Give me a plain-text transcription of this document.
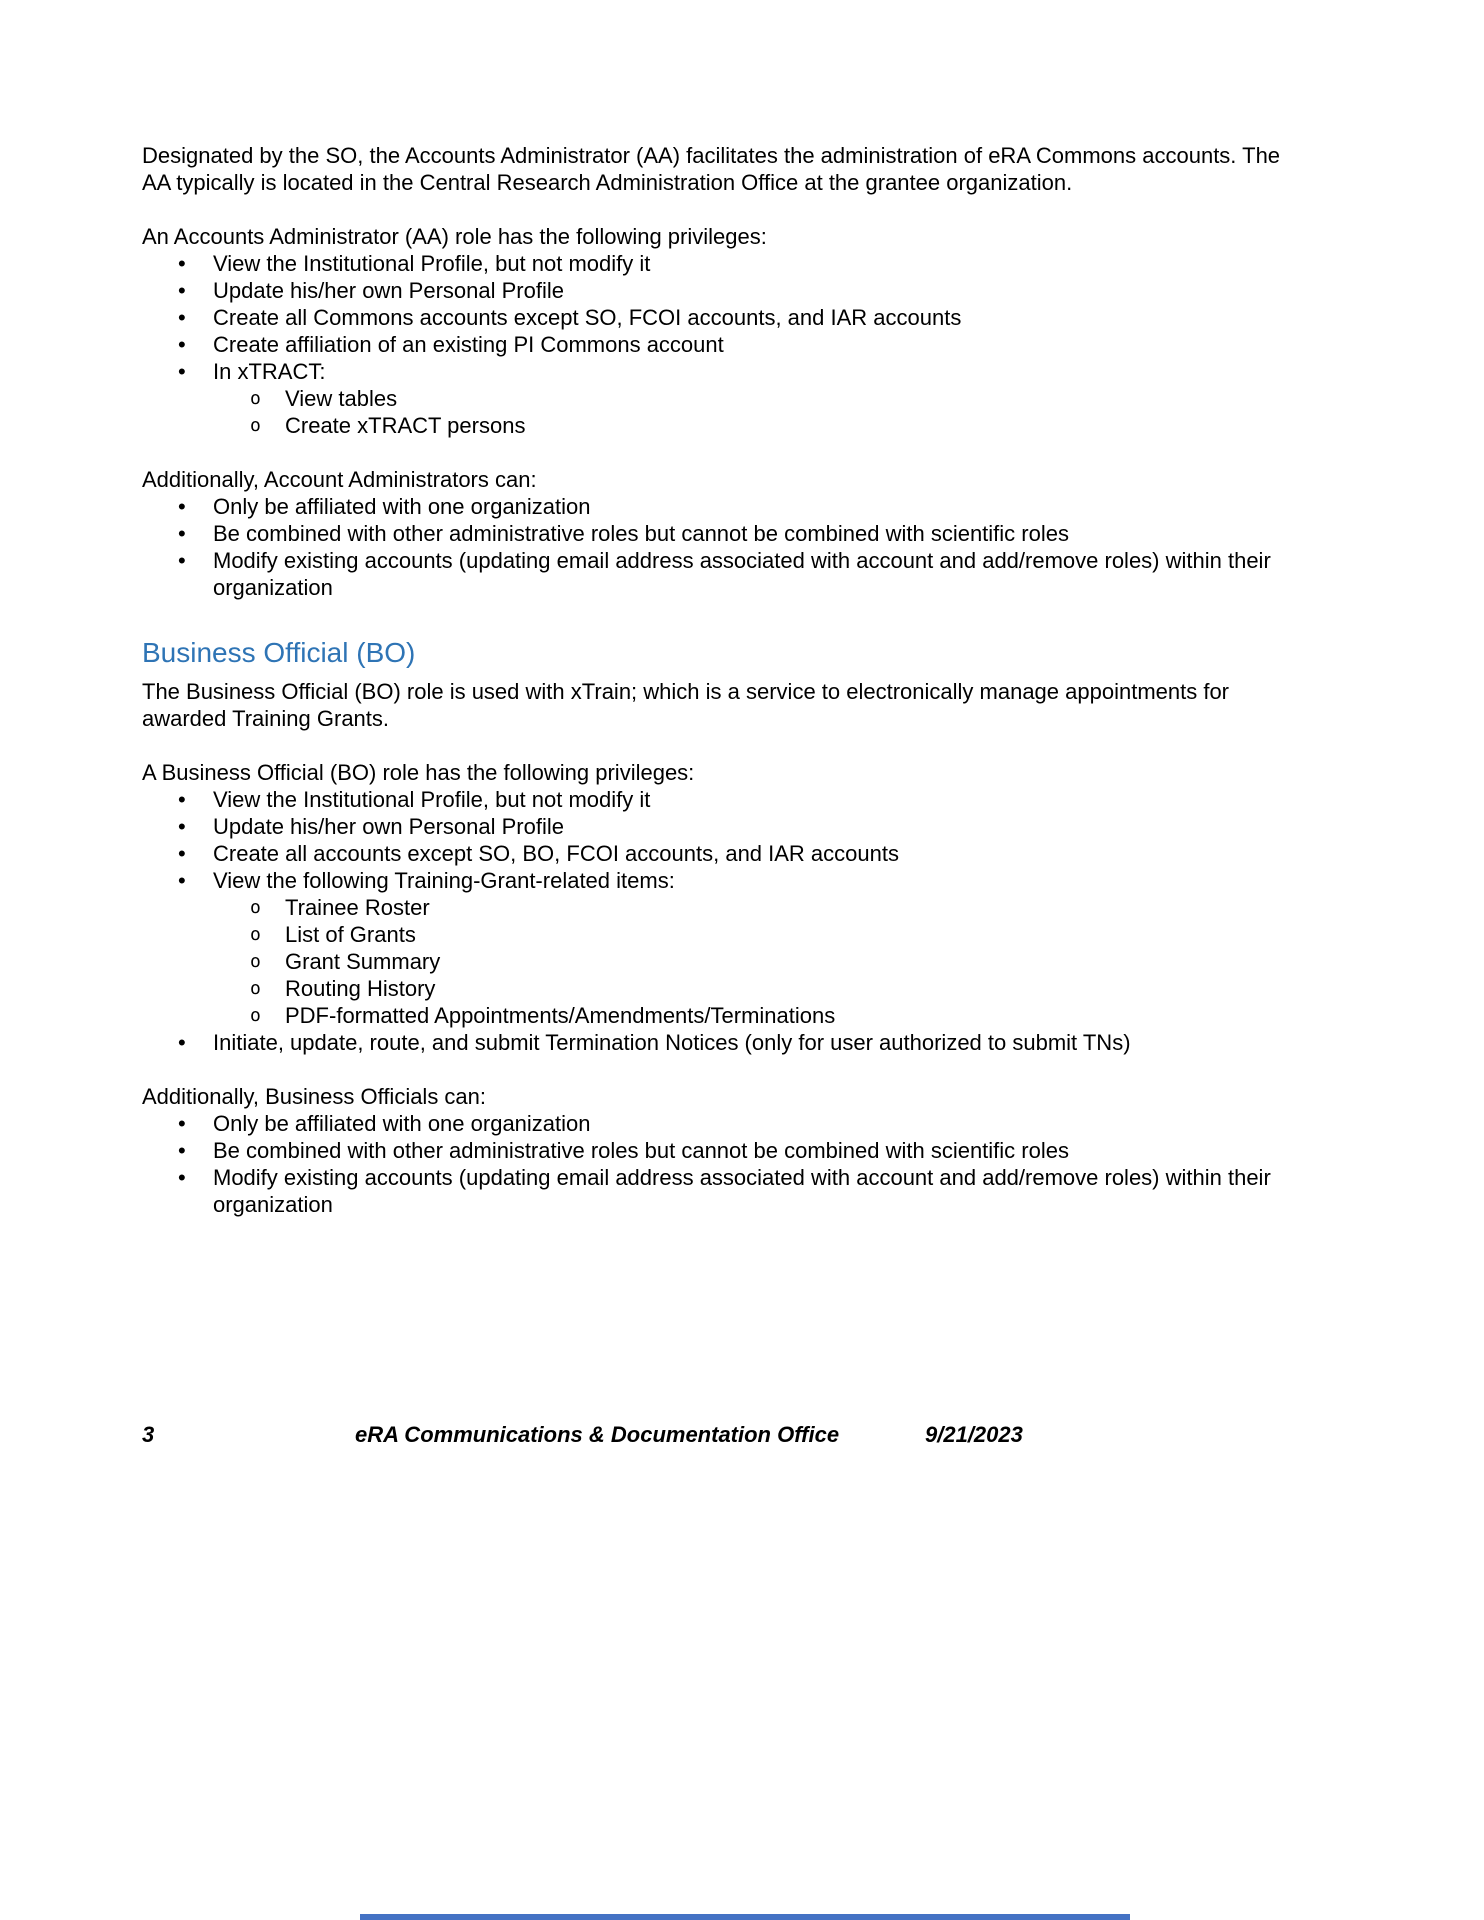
Designated by the SO, the Accounts Administrator (AA) facilitates the administration of eRA Commons accounts. The AA typically is located in the Central Research Administration Office at the grantee organization.

An Accounts Administrator (AA) role has the following privileges:

•	View the Institutional Profile, but not modify it
•	Update his/her own Personal Profile
•	Create all Commons accounts except SO, FCOI accounts, and IAR accounts
•	Create affiliation of an existing PI Commons account
•	In xTRACT:
o	View tables
o	Create xTRACT persons

Additionally, Account Administrators can:

•	Only be affiliated with one organization
•	Be combined with other administrative roles but cannot be combined with scientific roles
•	Modify existing accounts (updating email address associated with account and add/remove roles) within their organization
Business Official (BO)

The Business Official (BO) role is used with xTrain; which is a service to electronically manage appointments for awarded Training Grants.

A Business Official (BO) role has the following privileges:

•	View the Institutional Profile, but not modify it
•	Update his/her own Personal Profile
•	Create all accounts except SO, BO, FCOI accounts, and IAR accounts
•	View the following Training-Grant-related items:
o	Trainee Roster
o	List of Grants
o	Grant Summary
o	Routing History
o	PDF-formatted Appointments/Amendments/Terminations
•	Initiate, update, route, and submit Termination Notices (only for user authorized to submit TNs)

Additionally, Business Officials can:

•	Only be affiliated with one organization
•	Be combined with other administrative roles but cannot be combined with scientific roles
•	Modify existing accounts (updating email address associated with account and add/remove roles) within their organization
3	eRA Communications & Documentation Office	9/21/2023
